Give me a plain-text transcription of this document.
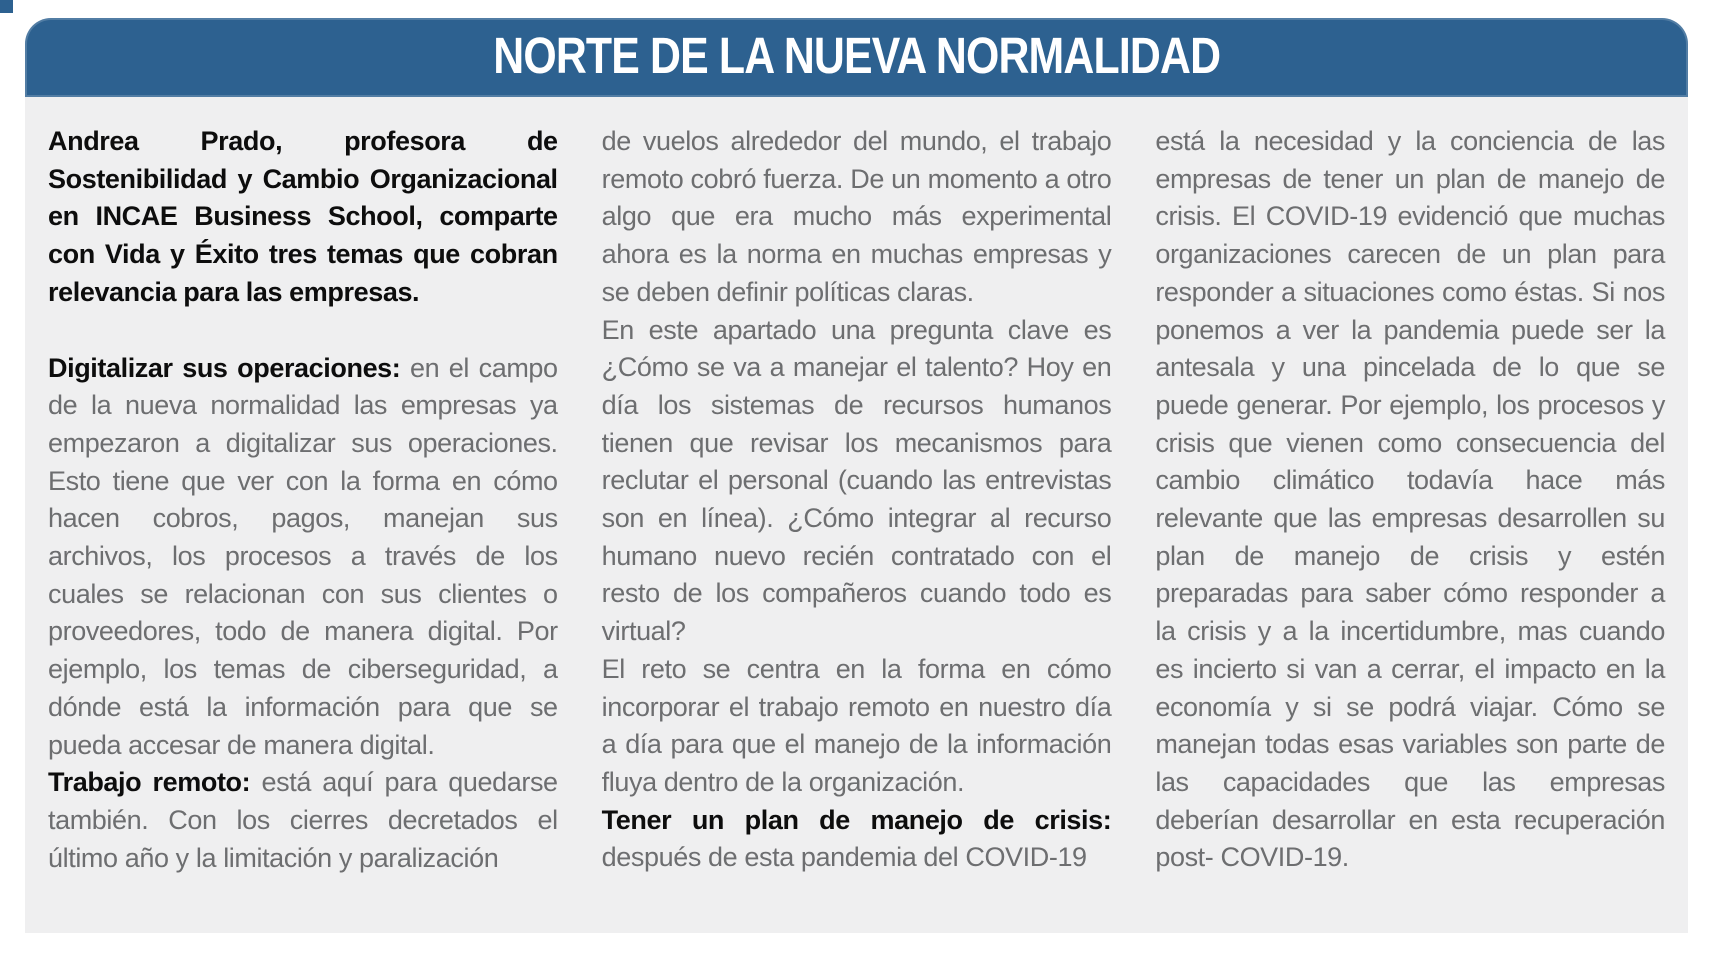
NORTE DE LA NUEVA NORMALIDAD

Andrea Prado, profesora de Sostenibilidad y Cambio Organizacional en INCAE Business School, comparte con Vida y Éxito tres temas que cobran relevancia para las empresas.

Digitalizar sus operaciones: en el campo de la nueva normalidad las empresas ya empezaron a digitalizar sus operaciones. Esto tiene que ver con la forma en cómo hacen cobros, pagos, manejan sus archivos, los procesos a través de los cuales se relacionan con sus clientes o proveedores, todo de manera digital. Por ejemplo, los temas de ciberseguridad, a dónde está la información para que se pueda accesar de manera digital.

Trabajo remoto: está aquí para quedarse también. Con los cierres decretados el último año y la limitación y paralización

de vuelos alrededor del mundo, el trabajo remoto cobró fuerza. De un momento a otro algo que era mucho más experimental ahora es la norma en muchas empresas y se deben definir políticas claras.

En este apartado una pregunta clave es ¿Cómo se va a manejar el talento? Hoy en día los sistemas de recursos humanos tienen que revisar los mecanismos para reclutar el personal (cuando las entrevistas son en línea). ¿Cómo integrar al recurso humano nuevo recién contratado con el resto de los compañeros cuando todo es virtual?

El reto se centra en la forma en cómo incorporar el trabajo remoto en nuestro día a día para que el manejo de la información fluya dentro de la organización.

Tener un plan de manejo de crisis: después de esta pandemia del COVID-19

está la necesidad y la conciencia de las empresas de tener un plan de manejo de crisis. El COVID-19 evidenció que muchas organizaciones carecen de un plan para responder a situaciones como éstas. Si nos ponemos a ver la pandemia puede ser la antesala y una pincelada de lo que se puede generar. Por ejemplo, los procesos y crisis que vienen como consecuencia del cambio climático todavía hace más relevante que las empresas desarrollen su plan de manejo de crisis y estén preparadas para saber cómo responder a la crisis y a la incertidumbre, mas cuando es incierto si van a cerrar, el impacto en la economía y si se podrá viajar. Cómo se manejan todas esas variables son parte de las capacidades que las empresas deberían desarrollar en esta recuperación post- COVID-19.
